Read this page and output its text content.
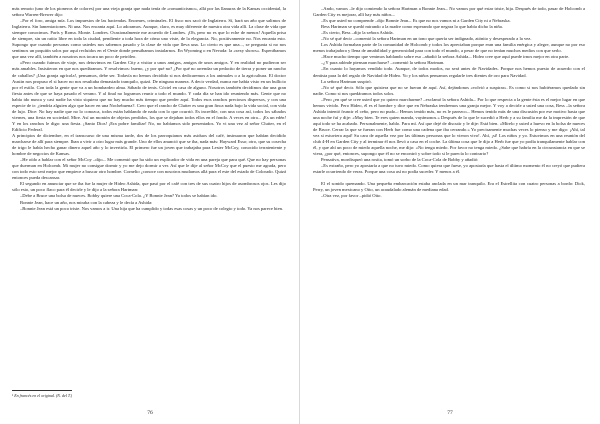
más remoto (uno de los pioneros de colores) por una vieja granja que nada tenía de «romanticismo», allá por las llanuras de la Kansas occidental, la señora Warren-Brewer dijo:

–Por el foro, amiga mía. Los impuestos de las haciendas. Enormes, criminales. El fisco nos sacó de Inglaterra. Sí, hará un año que salimos de Inglaterra. Sin lamentaciones. Ni una. Nos encanta aquí. Lo adoramos. Aunque, claro, es muy diferente de nuestra otra vida allí. La clase de vida que siempre conocimos. París y Roma. Monte. Londres. Ocasionalmente me acuerdo de Londres. ¡Oh, pero no es que lo eche de menos! Aquella prisa de siempre, sin un ratito libre en toda la ciudad, pendiente a toda hora de cómo uno viste, de la elegancia. No, positivamente no. Nos encanta esto. Supongo que cuando personas como ustedes nos sabemos pasado y la clase de vida que lleva una. Lo cierto es que una..., se pregunta si no nos sentimos un poquitín solos por aquí recluidos en el Oeste donde pensábamos instalarnos. En Wyoming o en Nevada: la «sexy shows». Esperábamos que una vez allí, también a nosotros nos tocara un poco de petróleo.

»Pero cuando fuimos de viaje, nos detuvimos en Garden City a visitar a unos amigos, amigos de unos amigos. Y en realidad no pudieron ser más amables. Insistieron en que nos quedáramos. Y resolvimos: bueno, ¿y por qué no? ¿Por qué no arrendar un pedacito de tierra y poner un rancho de caballos? ¡Una granja agrícola!, pensamos, debe ser. Todavía no hemos decidido si nos dedicaremos a los animales o a la agricultura. El doctor Austin nos propuso el si hacer no nos resultaba demasiado tranquilo, quizá. De ninguna manera. A decir verdad, nunca me había visto en un bullicio por el estilo. Con toda la gente que va a un bombardeo alma. Sábado de tenis. Cóctel en casa de alguno. Nosotros también decidimos dar una gran fiesta antes de que se haya pasado el verano. Y al final no logramos reunir a todo el mundo. Y cada día se han ido reuniendo más. Gente que no había ido nunca y casi nadie ha visto siquiera que no hay mucho más tiempo que perder aquí. Todos esos ranchos preciosos dispersos, y con una especie de ir: ¿tendría alguien algo que hacer en una Nochebuena?. Creo que el rancho de Clutter es una gran finca nada bajo la vida social, con vida de lujo. Dice: No hay nadie que no lo conozca, todos están hablando de nada con lo que ocurrió. Es increíble, con una cosa así, todos los sábados viernes, una fiesta en sociedad. Mire. Así un montón de objetos perdidos, los que se dejaban todos ellos en el fondo. A veces en otra... ¡Es un edén! Y en los ranchos le digo: una fiesta. ¡Santo Dios! ¡Era pobre familiar! No, no habíamos sido presentados. Yo vi una vez al señor Clutter, en el Edificio Federal.

A principios de diciembre, en el transcurso de una misma tarde, dos de los parroquianos más asiduos del café, insinuaron que habían decidido marcharse de allí para siempre. Iban a vivir a otro lugar más grande. Uno de ellos anunció que se iba, nada más: Hayward Esso; otro, que su cosecha de trigo le había hecho ganar dinero aquel año y lo invertiría. El primero fue un joven que trabajaba para Lester McCoy, conocido terrateniente y hombre de negocios de Kansas.

–He oído a hablar con el señor McCoy –dijo–. Me comentó que ha sido un explicador de vida en una pareja que para qué. Que no hay personas que duerman en Holcomb. Mi mujer no consigue dormir y yo me dejo dormir a ver. Así que le dije al señor McCoy que el puesto me agrada, pero con todo esto será mejor que empiece a buscar otro hombre. Cornelio ¿conoce con nosotros mudarnos allá para el este del estado de Colorado. Quizá entonces pueda descansar.

El segundo en anunciar que se iba fue la mujer de Hideo Ashida, que pasó por el café con tres de sus cuatro hijos de asombrosos ojos. Les dijo sólo esto, un poco flaco para él decirle y le dijo a la señora Hartman:

–Debe a Bruce una bolsa de nueces. Bobby quiere una Coca-Cola. ¿Y Bonnie Jean? Ya todos se habían ido.

Bonnie Jean, hace un año, nos miraba con la cabeza y le decía a Ashida:

–Bonnie Jean está un poco triste. Nos vamos a ir. Una hija que ha cumplido y todas esas cosas y un poco de colegio y todo. Ya nos parece bien.

¹ En francés en el original. (N. del T.)
76

–Ando, vamos –le dijo comiendo la señora Hartman a Bonnie Jean–. No vamos por qué estar triste, hija. Después de todo, pasar de Holcomb a Garden City es mejorar, allí hay más niños.–

–Es que usted no comprende –dijo Bonnie Jean–. Es que no nos vamos ni a Garden City ni a Nebraska.

Bess Hartman se quedó mirando a la madre como esperando que negara lo que había dicho la niña.

–Es cierto, Bess –dijo la señora Ashida.

–No sé qué decir –comentó la señora Hartman en un tono que quería ser indignado, atónito y desesperado a la vez.

Los Ashida formaban parte de la comunidad de Holcomb y todos los apreciaban porque eran una familia enérgica y alegre, aunque no por eso menos trabajadora y llena de amabilidad y generosidad para con todo el mundo, a pesar de que no tenían muchos medios con que serlo.

–Hace mucho tiempo que venimos hablando sobre eso –añadió la señora Ashida–. Hideo cree que aquí puede irnos mejor en otra parte.

–¿Y para adónde piensan marcharse? –comentó la señora Hartman.

–En cuanto lo hayamos vendido todo. Aunque, de todos modos, no será antes de Navidades. Porque nos hemos puesto de acuerdo con el dentista para la del regalo de Navidad de Hideo. Yo y los niños pensamos regalarle tres dientes de oro para Navidad.

La señora Hartman suspiró.

–No sé qué decir. Sólo que quisiera que no se fueran de aquí. Así, dejándonos «volvió a suspirar». Es como si nos hubiéramos quedado sin nadie. Como si nos quedáramos todos solos.

–Pero ¿en qué se cree usted que yo quiero marcharme? –exclamó la señora Ashida–. Por lo que respecta a la gente ésta es el mejor lugar en que hemos vivido. Pero Hideo, él es el hombre y dice que en Nebraska tendremos una granja mejor. Y voy a decirle a usted una cosa, Bess –la señora Ashida intentó fruncir el ceño, pero no pudo–: Hemos tenido más, no es le parezco–. Hemos tenido más de una discusión por ese motivo hasta que una noche fuí y dije: «Muy bien. Te eres quien manda, vayámonos.» Después de lo que le sucedió a Herb y a su familia me da la impresión de que aquí todo se ha acabado. Personalmente, hablo. Para mí. Así que dejé de discutir y le dije: Está bien. «Mírelo y usted a huevo en la bolsa de nueces de Bruce. Cerrar la que se fueran con Herb fue como una cadena que iba cerrando.» Yo precisamente muchas veces lo pienso y me digo: ¡Ahí, tal vez si estuviera aquí! Su cara de aquella vez por las últimas personas que lo vieron vivo!. Ahí, ¡sí! Los niños y yo. Estuvimos en una reunión del club 4-H en Garden City y al terminar él nos llevó a casa en el coche. La última cosa que le dijo a Herb fue que yo podía tranquilamente hablar con él, y que ahí un poco de miedo aquella noche, me dijo: «No tenga miedo. Por favor no tenga miedo. ¿Sabe que habría en la circunstancia en que se viera, ¿por qué, entonces, supongo que él no se encontró y sobre todo si le parecía lo contrario?

Pensativa, mordisqueó una rosita, tomó un sorbo de la Coca-Cola de Bobby y añadió:

–Es extraño, pero yo apostaría a que no tuvo miedo. Como quiera que fuese, yo apostaría que hasta el último momento él no creyó que pudiera estarle ocurriendo de veras. Porque una cosa así no podía suceder. Y menos a él.

El el sonido quemando. Una pequeña embarcación estaba anclada en un mar tranquilo. Era el Estrellita con cuatro personas a bordo: Dick, Perry, un joven mexicano y Otto, un acaudalado alemán de mediana edad.

–Otra vez, por favor –pidió Otto.

77
